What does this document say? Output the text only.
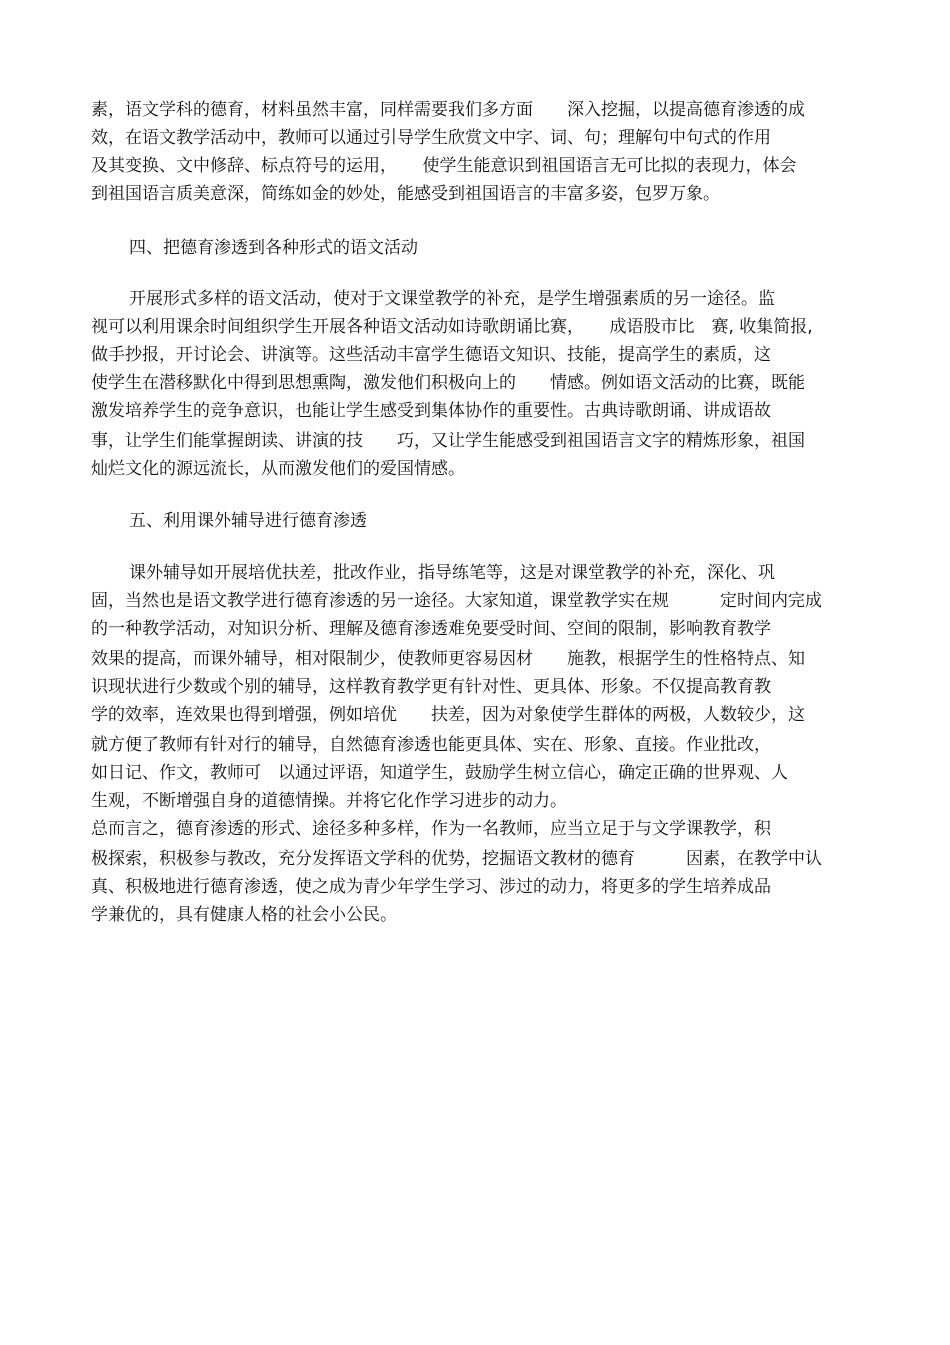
素，语文学科的德育，材料虽然丰富，同样需要我们多方面　　深入挖掘，以提高德育渗透的成
效，在语文教学活动中，教师可以通过引导学生欣赏文中字、词、句；理解句中句式的作用
及其变换、文中修辞、标点符号的运用，　　使学生能意识到祖国语言无可比拟的表现力，体会
到祖国语言质美意深，简练如金的妙处，能感受到祖国语言的丰富多姿，包罗万象。
四、把德育渗透到各种形式的语文活动
开展形式多样的语文活动，使对于文课堂教学的补充，是学生增强素质的另一途径。监
视可以利用课余时间组织学生开展各种语文活动如诗歌朗诵比赛，　　成语股市比　赛, 收集简报,
做手抄报，开讨论会、讲演等。这些活动丰富学生德语文知识、技能，提高学生的素质，这
使学生在潜移默化中得到思想熏陶，激发他们积极向上的　　情感。例如语文活动的比赛，既能
激发培养学生的竞争意识，也能让学生感受到集体协作的重要性。古典诗歌朗诵、讲成语故
事，让学生们能掌握朗读、讲演的技　　巧，又让学生能感受到祖国语言文字的精炼形象，祖国
灿烂文化的源远流长，从而激发他们的爱国情感。
五、利用课外辅导进行德育渗透
课外辅导如开展培优扶差，批改作业，指导练笔等，这是对课堂教学的补充，深化、巩
固，当然也是语文教学进行德育渗透的另一途径。大家知道，课堂教学实在规　　　定时间内完成
的一种教学活动，对知识分析、理解及德育渗透难免要受时间、空间的限制，影响教育教学
效果的提高，而课外辅导，相对限制少，使教师更容易因材　　施教，根据学生的性格特点、知
识现状进行少数或个别的辅导，这样教育教学更有针对性、更具体、形象。不仅提高教育教
学的效率，连效果也得到增强，例如培优　　扶差，因为对象使学生群体的两极，人数较少，这
就方便了教师有针对行的辅导，自然德育渗透也能更具体、实在、形象、直接。作业批改，
如日记、作文，教师可　以通过评语，知道学生，鼓励学生树立信心，确定正确的世界观、人
生观，不断增强自身的道德情操。并将它化作学习进步的动力。
总而言之，德育渗透的形式、途径多种多样，作为一名教师，应当立足于与文学课教学，积
极探索，积极参与教改，充分发挥语文学科的优势，挖掘语文教材的德育　　　因素，在教学中认
真、积极地进行德育渗透，使之成为青少年学生学习、涉过的动力，将更多的学生培养成品
学兼优的，具有健康人格的社会小公民。
